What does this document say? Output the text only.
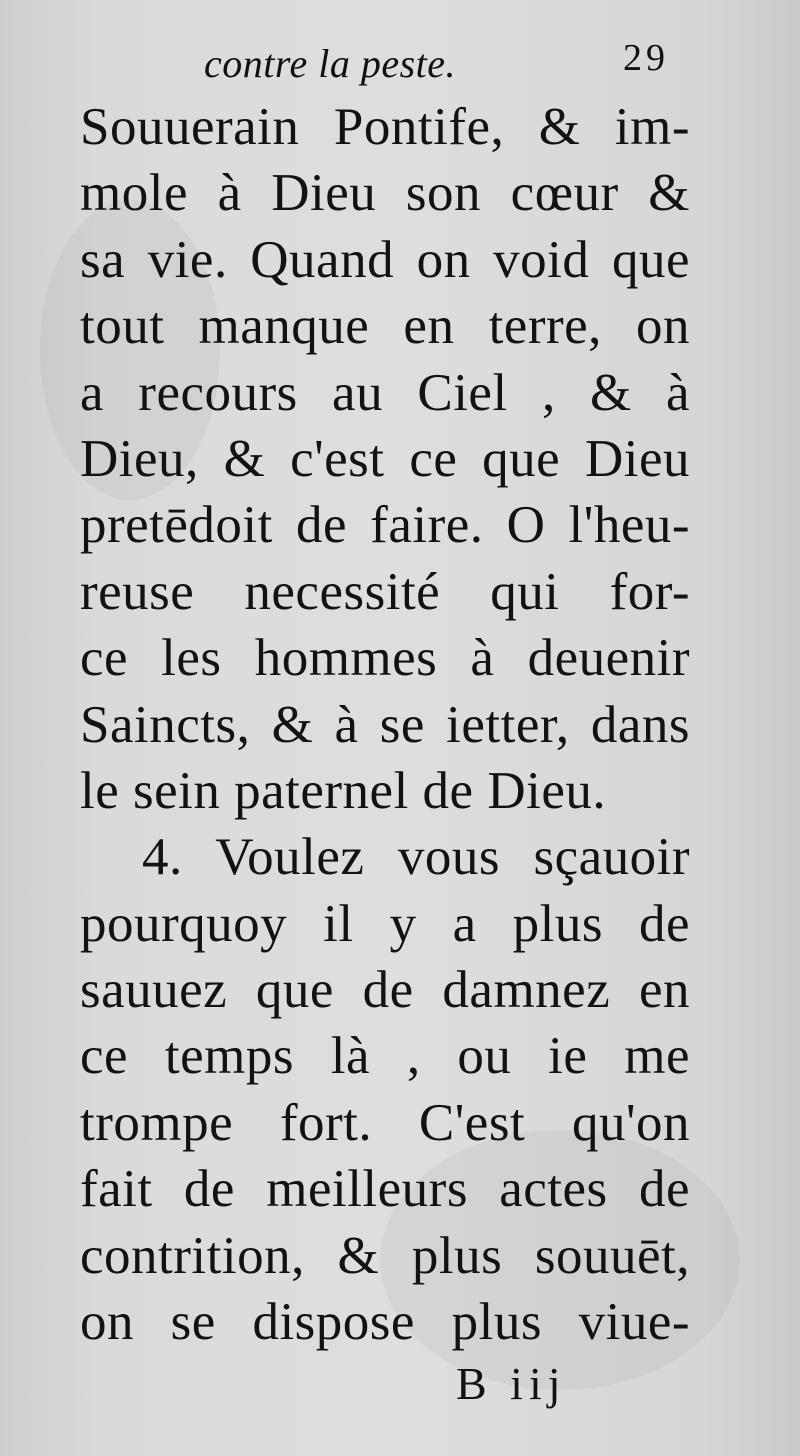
contre la peste.	29
Souuerain Pontife, & im-
mole à Dieu son cœur &
sa vie. Quand on void que
tout manque en terre, on
a recours au Ciel , & à
Dieu, & c'est ce que Dieu
pretēdoit de faire. O l'heu-
reuse necessité qui for-
ce les hommes à deuenir
Saincts, & à se ietter, dans
le sein paternel de Dieu.
4. Voulez vous sçauoir
pourquoy il y a plus de
sauuez que de damnez en
ce temps là , ou ie me
trompe fort. C'est qu'on
fait de meilleurs actes de
contrition, & plus souuēt,
on se dispose plus viue-
B iij
